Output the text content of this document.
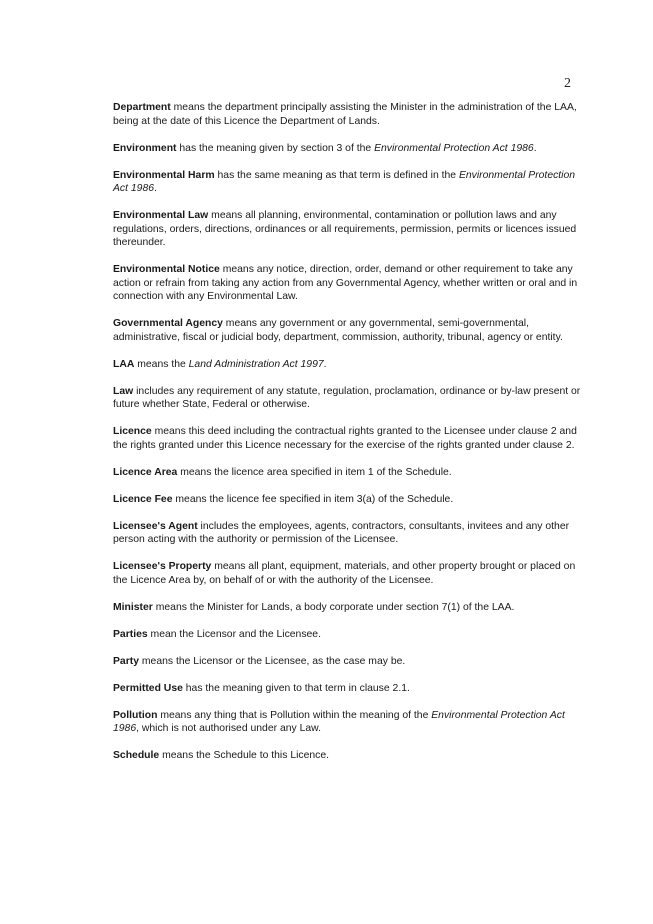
2

Department means the department principally assisting the Minister in the administration of the LAA, being at the date of this Licence the Department of Lands.

Environment has the meaning given by section 3 of the Environmental Protection Act 1986.

Environmental Harm has the same meaning as that term is defined in the Environmental Protection Act 1986.

Environmental Law means all planning, environmental, contamination or pollution laws and any regulations, orders, directions, ordinances or all requirements, permission, permits or licences issued thereunder.

Environmental Notice means any notice, direction, order, demand or other requirement to take any action or refrain from taking any action from any Governmental Agency, whether written or oral and in connection with any Environmental Law.

Governmental Agency means any government or any governmental, semi-governmental, administrative, fiscal or judicial body, department, commission, authority, tribunal, agency or entity.

LAA means the Land Administration Act 1997.

Law includes any requirement of any statute, regulation, proclamation, ordinance or by-law present or future whether State, Federal or otherwise.

Licence means this deed including the contractual rights granted to the Licensee under clause 2 and the rights granted under this Licence necessary for the exercise of the rights granted under clause 2.

Licence Area means the licence area specified in item 1 of the Schedule.

Licence Fee means the licence fee specified in item 3(a) of the Schedule.

Licensee's Agent includes the employees, agents, contractors, consultants, invitees and any other person acting with the authority or permission of the Licensee.

Licensee's Property means all plant, equipment, materials, and other property brought or placed on the Licence Area by, on behalf of or with the authority of the Licensee.

Minister means the Minister for Lands, a body corporate under section 7(1) of the LAA.

Parties mean the Licensor and the Licensee.

Party means the Licensor or the Licensee, as the case may be.

Permitted Use has the meaning given to that term in clause 2.1.

Pollution means any thing that is Pollution within the meaning of the Environmental Protection Act 1986, which is not authorised under any Law.

Schedule means the Schedule to this Licence.
